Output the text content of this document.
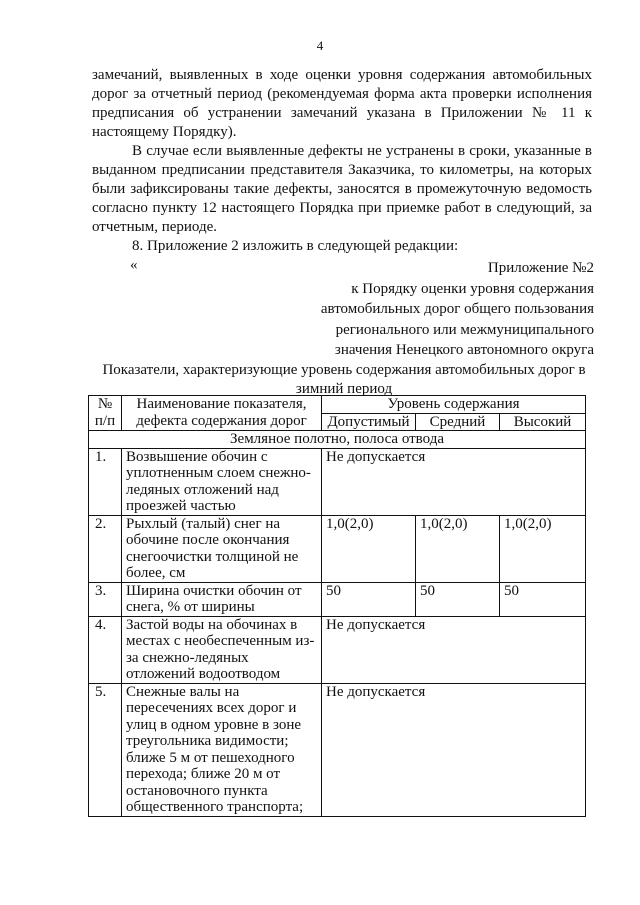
4

замечаний, выявленных в ходе оценки уровня содержания автомобильных дорог за отчетный период (рекомендуемая форма акта проверки исполнения предписания об устранении замечаний указана в Приложении № 11 к настоящему Порядку).

В случае если выявленные дефекты не устранены в сроки, указанные в выданном предписании представителя Заказчика, то километры, на которых были зафиксированы такие дефекты, заносятся в промежуточную ведомость согласно пункту 12 настоящего Порядка при приемке работ в следующий, за отчетным, периоде.

8. Приложение 2 изложить в следующей редакции:

«	Приложение №2
к Порядку оценки уровня содержания
автомобильных дорог общего пользования
регионального или межмуниципального
значения Ненецкого автономного округа
Показатели, характеризующие уровень содержания автомобильных дорог в зимний период
№ п/п	Наименование показателя, дефекта содержания дорог	Уровень содержания		
		Допустимый	Средний	Высокий
Земляное полотно, полоса отвода				
1.	Возвышение обочин с уплотненным слоем снежно-ледяных отложений над проезжей частью	Не допускается		
2.	Рыхлый (талый) снег на обочине после окончания снегоочистки толщиной не более, см	1,0(2,0)	1,0(2,0)	1,0(2,0)
3.	Ширина очистки обочин от снега, % от ширины	50	50	50
4.	Застой воды на обочинах в местах с необеспеченным из-за снежно-ледяных отложений водоотводом	Не допускается		
5.	Снежные валы на пересечениях всех дорог и улиц в одном уровне в зоне треугольника видимости; ближе 5 м от пешеходного перехода; ближе 20 м от остановочного пункта общественного транспорта;	Не допускается		
